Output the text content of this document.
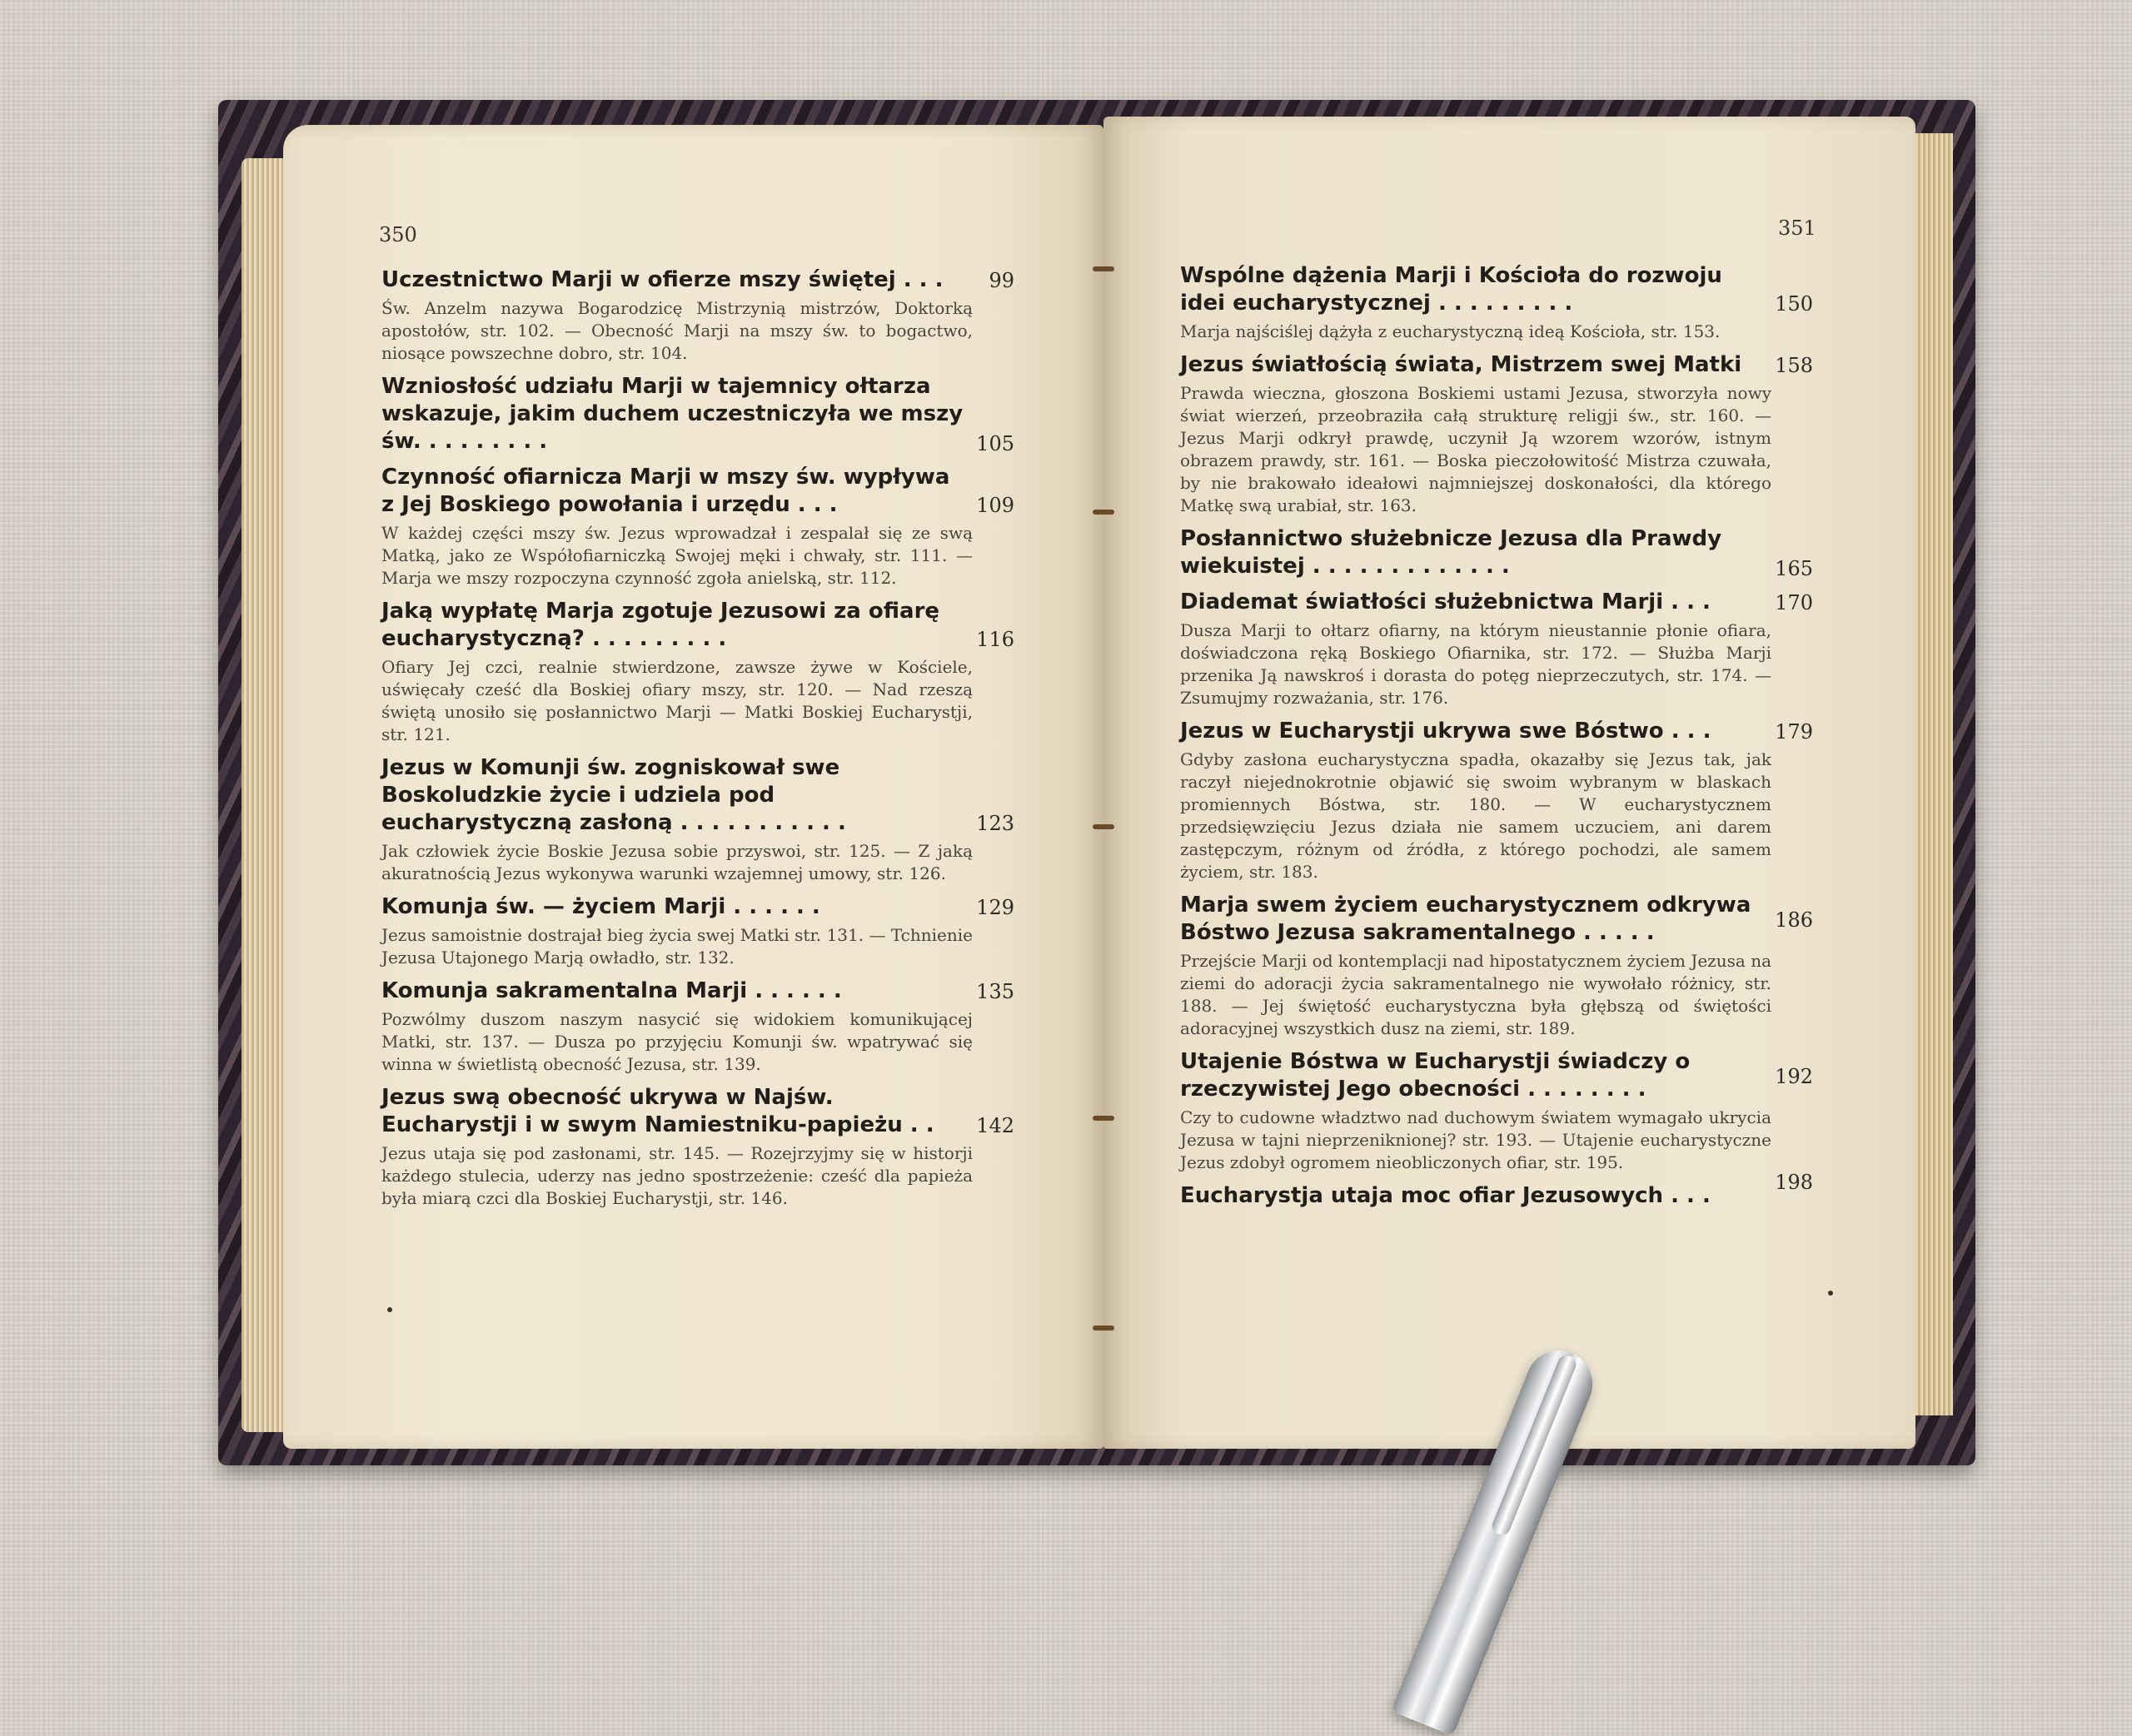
350
99
Uczestnictwo Marji w ofierze mszy świętej . . .
Św. Anzelm nazywa Bogarodzicę Mistrzynią mistrzów, Doktorką apostołów, str. 102. — Obecność Marji na mszy św. to bogactwo, niosące powszechne dobro, str. 104.
105
Wzniosłość udziału Marji w tajemnicy ołtarza wskazuje, jakim duchem uczestniczyła we mszy św. . . . . . . . .
109
Czynność ofiarnicza Marji w mszy św. wypływa z Jej Boskiego powołania i urzędu . . .
W każdej części mszy św. Jezus wprowadzał i zespalał się ze swą Matką, jako ze Współofiarniczką Swojej męki i chwały, str. 111. — Marja we mszy rozpoczyna czynność zgoła anielską, str. 112.
116
Jaką wypłatę Marja zgotuje Jezusowi za ofiarę eucharystyczną? . . . . . . . . .
Ofiary Jej czci, realnie stwierdzone, zawsze żywe w Kościele, uświęcały cześć dla Boskiej ofiary mszy, str. 120. — Nad rzeszą świętą unosiło się posłannictwo Marji — Matki Boskiej Eucharystji, str. 121.
123
Jezus w Komunji św. zogniskował swe Boskoludzkie życie i udziela pod eucharystyczną zasłoną . . . . . . . . . . .
Jak człowiek życie Boskie Jezusa sobie przyswoi, str. 125. — Z jaką akuratnością Jezus wykonywa warunki wzajemnej umowy, str. 126.
129
Komunja św. — życiem Marji . . . . . .
Jezus samoistnie dostrajał bieg życia swej Matki str. 131. — Tchnienie Jezusa Utajonego Marją owładło, str. 132.
135
Komunja sakramentalna Marji . . . . . .
Pozwólmy duszom naszym nasycić się widokiem komunikującej Matki, str. 137. — Dusza po przyjęciu Komunji św. wpatrywać się winna w świetlistą obecność Jezusa, str. 139.
142
Jezus swą obecność ukrywa w Najśw. Eucharystji i w swym Namiestniku-papieżu . .
Jezus utaja się pod zasłonami, str. 145. — Rozejrzyjmy się w historji każdego stulecia, uderzy nas jedno spostrzeżenie: cześć dla papieża była miarą czci dla Boskiej Eucharystji, str. 146.
351
150
Wspólne dążenia Marji i Kościoła do rozwoju idei eucharystycznej . . . . . . . . .
Marja najściślej dążyła z eucharystyczną ideą Kościoła, str. 153.
158
Jezus światłością świata, Mistrzem swej Matki
Prawda wieczna, głoszona Boskiemi ustami Jezusa, stworzyła nowy świat wierzeń, przeobraziła całą strukturę religji św., str. 160. — Jezus Marji odkrył prawdę, uczynił Ją wzorem wzorów, istnym obrazem prawdy, str. 161. — Boska pieczołowitość Mistrza czuwała, by nie brakowało ideałowi najmniejszej doskonałości, dla którego Matkę swą urabiał, str. 163.
165
Posłannictwo służebnicze Jezusa dla Prawdy wiekuistej . . . . . . . . . . . . .
170
Diademat światłości służebnictwa Marji . . .
Dusza Marji to ołtarz ofiarny, na którym nieustannie płonie ofiara, doświadczona ręką Boskiego Ofiarnika, str. 172. — Służba Marji przenika Ją nawskroś i dorasta do potęg nieprzeczutych, str. 174. — Zsumujmy rozważania, str. 176.
179
Jezus w Eucharystji ukrywa swe Bóstwo . . .
Gdyby zasłona eucharystyczna spadła, okazałby się Jezus tak, jak raczył niejednokrotnie objawić się swoim wybranym w blaskach promiennych Bóstwa, str. 180. — W eucharystycznem przedsięwzięciu Jezus działa nie samem uczuciem, ani darem zastępczym, różnym od źródła, z którego pochodzi, ale samem życiem, str. 183.
186
Marja swem życiem eucharystycznem odkrywa Bóstwo Jezusa sakramentalnego . . . . .
Przejście Marji od kontemplacji nad hipostatycznem życiem Jezusa na ziemi do adoracji życia sakramentalnego nie wywołało różnicy, str. 188. — Jej świętość eucharystyczna była głębszą od świętości adoracyjnej wszystkich dusz na ziemi, str. 189.
192
Utajenie Bóstwa w Eucharystji świadczy o rzeczywistej Jego obecności . . . . . . . .
Czy to cudowne władztwo nad duchowym światem wymagało ukrycia Jezusa w tajni nieprzeniknionej? str. 193. — Utajenie eucharystyczne Jezus zdobył ogromem nieobliczonych ofiar, str. 195.
198
Eucharystja utaja moc ofiar Jezusowych . . .
